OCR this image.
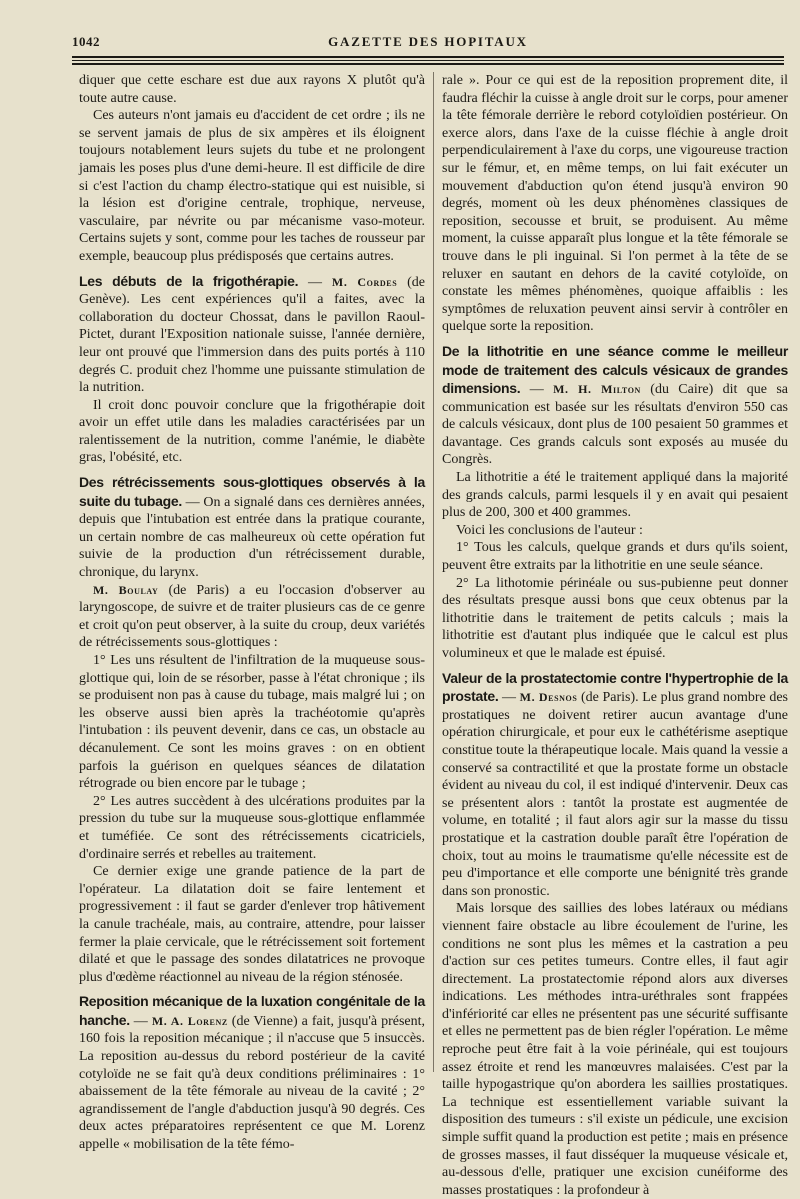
1042	GAZETTE DES HOPITAUX

diquer que cette eschare est due aux rayons X plutôt qu'à toute autre cause.

Ces auteurs n'ont jamais eu d'accident de cet ordre ; ils ne se servent jamais de plus de six ampères et ils éloignent toujours notablement leurs sujets du tube et ne prolongent jamais les poses plus d'une demi-heure. Il est difficile de dire si c'est l'action du champ électro-statique qui est nuisible, si la lésion est d'origine centrale, trophique, nerveuse, vasculaire, par névrite ou par mécanisme vaso-moteur. Certains sujets y sont, comme pour les taches de rousseur par exemple, beaucoup plus prédisposés que certains autres.

Les débuts de la frigothérapie. — M. Cordes (de Genève). Les cent expériences qu'il a faites, avec la collaboration du docteur Chossat, dans le pavillon Raoul-Pictet, durant l'Exposition nationale suisse, l'année dernière, leur ont prouvé que l'immersion dans des puits portés à 110 degrés C. produit chez l'homme une puissante stimulation de la nutrition.

Il croit donc pouvoir conclure que la frigothérapie doit avoir un effet utile dans les maladies caractérisées par un ralentissement de la nutrition, comme l'anémie, le diabète gras, l'obésité, etc.

Des rétrécissements sous-glottiques observés à la suite du tubage. — On a signalé dans ces dernières années, depuis que l'intubation est entrée dans la pratique courante, un certain nombre de cas malheureux où cette opération fut suivie de la production d'un rétrécissement durable, chronique, du larynx.

M. Boulay (de Paris) a eu l'occasion d'observer au laryngoscope, de suivre et de traiter plusieurs cas de ce genre et croit qu'on peut observer, à la suite du croup, deux variétés de rétrécissements sous-glottiques :

1° Les uns résultent de l'infiltration de la muqueuse sous-glottique qui, loin de se résorber, passe à l'état chronique ; ils se produisent non pas à cause du tubage, mais malgré lui ; on les observe aussi bien après la trachéotomie qu'après l'intubation : ils peuvent devenir, dans ce cas, un obstacle au décanulement. Ce sont les moins graves : on en obtient parfois la guérison en quelques séances de dilatation rétrograde ou bien encore par le tubage ;

2° Les autres succèdent à des ulcérations produites par la pression du tube sur la muqueuse sous-glottique enflammée et tuméfiée. Ce sont des rétrécissements cicatriciels, d'ordinaire serrés et rebelles au traitement.

Ce dernier exige une grande patience de la part de l'opérateur. La dilatation doit se faire lentement et progressivement : il faut se garder d'enlever trop hâtivement la canule trachéale, mais, au contraire, attendre, pour laisser fermer la plaie cervicale, que le rétrécissement soit fortement dilaté et que le passage des sondes dilatatrices ne provoque plus d'œdème réactionnel au niveau de la région sténosée.

Reposition mécanique de la luxation congénitale de la hanche. — M. A. Lorenz (de Vienne) a fait, jusqu'à présent, 160 fois la reposition mécanique ; il n'accuse que 5 insuccès. La reposition au-dessus du rebord postérieur de la cavité cotyloïde ne se fait qu'à deux conditions préliminaires : 1° abaissement de la tête fémorale au niveau de la cavité ; 2° agrandissement de l'angle d'abduction jusqu'à 90 degrés. Ces deux actes préparatoires représentent ce que M. Lorenz appelle « mobilisation de la tête fémo-

rale ». Pour ce qui est de la reposition proprement dite, il faudra fléchir la cuisse à angle droit sur le corps, pour amener la tête fémorale derrière le rebord cotyloïdien postérieur. On exerce alors, dans l'axe de la cuisse fléchie à angle droit perpendiculairement à l'axe du corps, une vigoureuse traction sur le fémur, et, en même temps, on lui fait exécuter un mouvement d'abduction qu'on étend jusqu'à environ 90 degrés, moment où les deux phénomènes classiques de reposition, secousse et bruit, se produisent. Au même moment, la cuisse apparaît plus longue et la tête fémorale se trouve dans le pli inguinal. Si l'on permet à la tête de se reluxer en sautant en dehors de la cavité cotyloïde, on constate les mêmes phénomènes, quoique affaiblis : les symptômes de reluxation peuvent ainsi servir à contrôler en quelque sorte la reposition.

De la lithotritie en une séance comme le meilleur mode de traitement des calculs vésicaux de grandes dimensions. — M. H. Milton (du Caire) dit que sa communication est basée sur les résultats d'environ 550 cas de calculs vésicaux, dont plus de 100 pesaient 50 grammes et davantage. Ces grands calculs sont exposés au musée du Congrès.

La lithotritie a été le traitement appliqué dans la majorité des grands calculs, parmi lesquels il y en avait qui pesaient plus de 200, 300 et 400 grammes.

Voici les conclusions de l'auteur :

1° Tous les calculs, quelque grands et durs qu'ils soient, peuvent être extraits par la lithotritie en une seule séance.

2° La lithotomie périnéale ou sus-pubienne peut donner des résultats presque aussi bons que ceux obtenus par la lithotritie dans le traitement de petits calculs ; mais la lithotritie est d'autant plus indiquée que le calcul est plus volumineux et que le malade est épuisé.

Valeur de la prostatectomie contre l'hypertrophie de la prostate. — M. Desnos (de Paris). Le plus grand nombre des prostatiques ne doivent retirer aucun avantage d'une opération chirurgicale, et pour eux le cathétérisme aseptique constitue toute la thérapeutique locale. Mais quand la vessie a conservé sa contractilité et que la prostate forme un obstacle évident au niveau du col, il est indiqué d'intervenir. Deux cas se présentent alors : tantôt la prostate est augmentée de volume, en totalité ; il faut alors agir sur la masse du tissu prostatique et la castration double paraît être l'opération de choix, tout au moins le traumatisme qu'elle nécessite est de peu d'importance et elle comporte une bénignité très grande dans son pronostic.

Mais lorsque des saillies des lobes latéraux ou médians viennent faire obstacle au libre écoulement de l'urine, les conditions ne sont plus les mêmes et la castration a peu d'action sur ces petites tumeurs. Contre elles, il faut agir directement. La prostatectomie répond alors aux diverses indications. Les méthodes intra-uréthrales sont frappées d'infériorité car elles ne présentent pas une sécurité suffisante et elles ne permettent pas de bien régler l'opération. Le même reproche peut être fait à la voie périnéale, qui est toujours assez étroite et rend les manœuvres malaisées. C'est par la taille hypogastrique qu'on abordera les saillies prostatiques. La technique est essentiellement variable suivant la disposition des tumeurs : s'il existe un pédicule, une excision simple suffit quand la production est petite ; mais en présence de grosses masses, il faut disséquer la muqueuse vésicale et, au-dessous d'elle, pratiquer une excision cunéiforme des masses prostatiques : la profondeur à
